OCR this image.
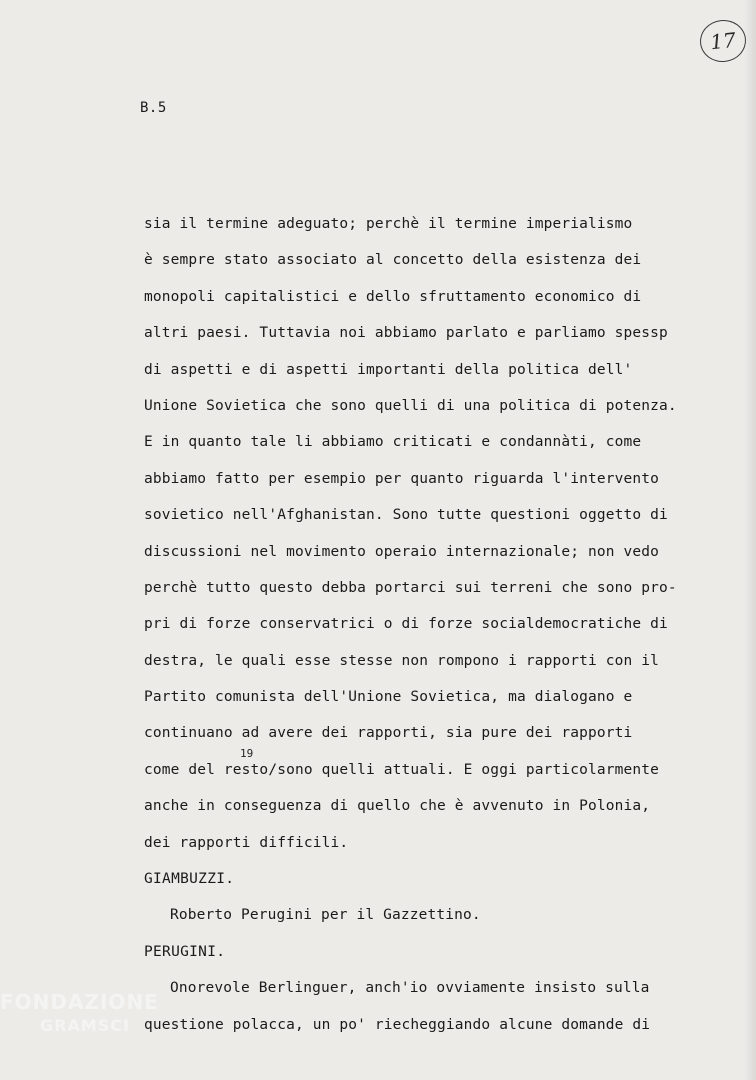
17
B.5
sia il termine adeguato; perchè il termine imperialismo
è sempre stato associato al concetto della esistenza dei
monopoli capitalistici e dello sfruttamento economico di
altri paesi. Tuttavia noi abbiamo parlato e parliamo spessp
di aspetti e di aspetti importanti della politica dell'
Unione Sovietica che sono quelli di una politica di potenza.
E in quanto tale li abbiamo criticati e condannàti, come
abbiamo fatto per esempio per quanto riguarda l'intervento
sovietico nell'Afghanistan. Sono tutte questioni oggetto di
discussioni nel movimento operaio internazionale; non vedo
perchè tutto questo debba portarci sui terreni che sono pro-
pri di forze conservatrici o di forze socialdemocratiche di
destra, le quali esse stesse non rompono i rapporti con il
Partito comunista dell'Unione Sovietica, ma dialogano e
continuano ad avere dei rapporti, sia pure dei rapporti
come del resto/sono quelli attuali. E oggi particolarmente
anche in conseguenza di quello che è avvenuto in Polonia,
dei rapporti difficili.
GIAMBUZZI.
Roberto Perugini per il Gazzettino.
PERUGINI.
Onorevole Berlinguer, anch'io ovviamente insisto sulla
questione polacca, un po' riecheggiando alcune domande di
19
FONDAZIONE
GRAMSCI
